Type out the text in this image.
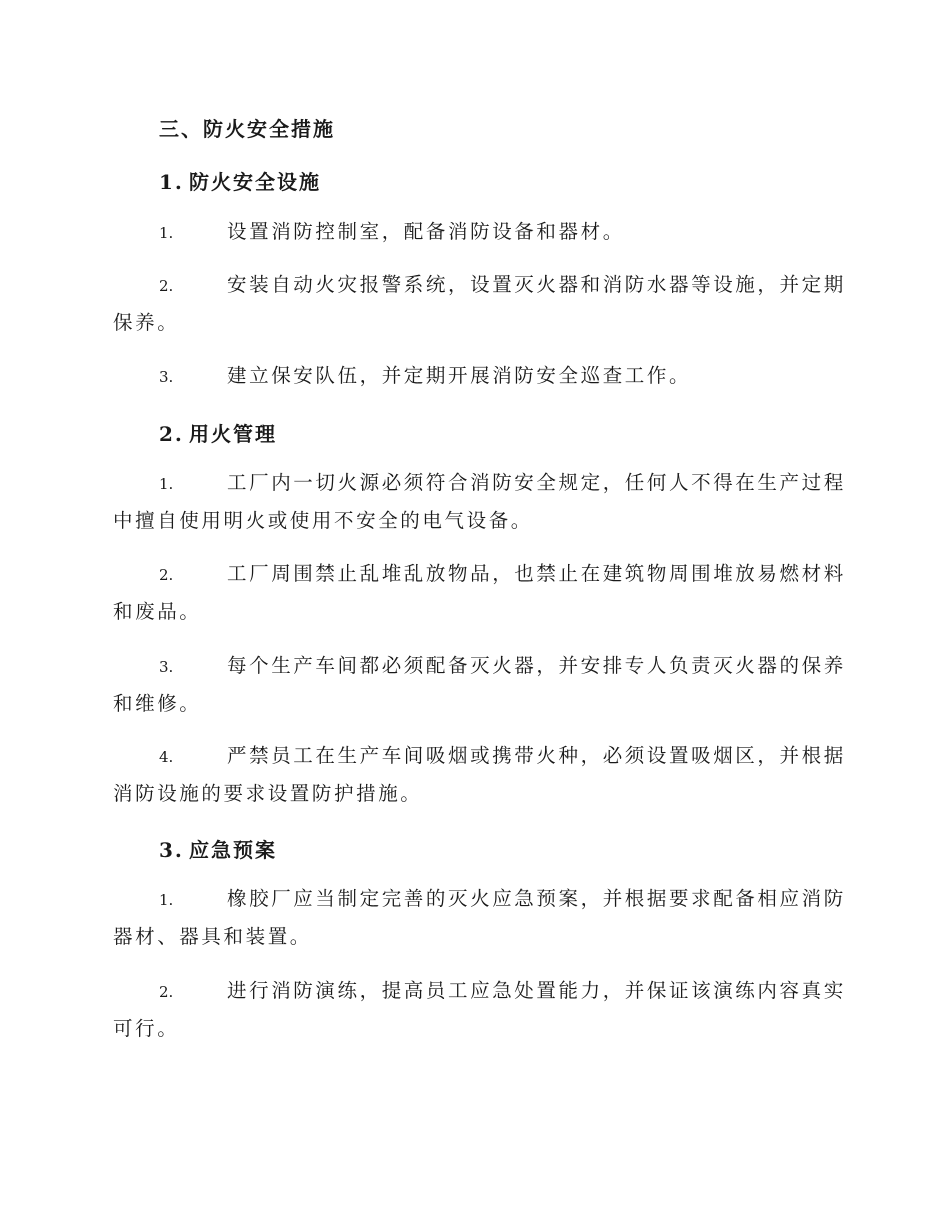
三、防火安全措施
1. 防火安全设施
1.	设置消防控制室，配备消防设备和器材。
2.	安装自动火灾报警系统，设置灭火器和消防水器等设施，并定期
保养。
3.	建立保安队伍，并定期开展消防安全巡查工作。
2. 用火管理
1.	工厂内一切火源必须符合消防安全规定，任何人不得在生产过程
中擅自使用明火或使用不安全的电气设备。
2.	工厂周围禁止乱堆乱放物品，也禁止在建筑物周围堆放易燃材料
和废品。
3.	每个生产车间都必须配备灭火器，并安排专人负责灭火器的保养
和维修。
4.	严禁员工在生产车间吸烟或携带火种，必须设置吸烟区，并根据
消防设施的要求设置防护措施。
3. 应急预案
1.	橡胶厂应当制定完善的灭火应急预案，并根据要求配备相应消防
器材、器具和装置。
2.	进行消防演练，提高员工应急处置能力，并保证该演练内容真实
可行。
